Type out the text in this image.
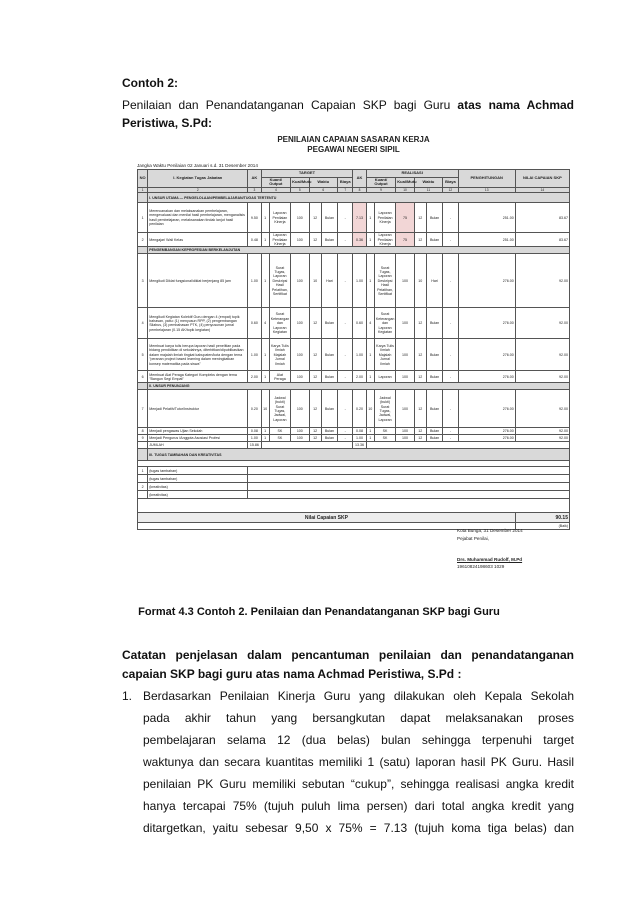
Contoh 2:
Penilaian dan Penandatanganan Capaian SKP bagi Guru atas nama Achmad Peristiwa, S.Pd:
PENILAIAN CAPAIAN SASARAN KERJA
PEGAWAI NEGERI SIPIL
Jangka Waktu Penilaian 02 Januari s.d. 31 Desember 2014
NO	I. Kegiatan Tugas Jabatan	AK	TARGET						AK	REALISASI						PENGHITUNGAN	NILAI CAPAIAN SKP
			Kuant/ Output		Kual/Mutu	Waktu		Biaya		Kuant/ Output		Kual/Mutu	Waktu		Biaya		
1	2	3	4		5	6		7	8	9		10	11		12	13	14
	I. UNSUR UTAMA — PENGELOLAAN/PEMBELAJARAN/TUGAS TERTENTU																
1	Merencanakan dan melaksanakan pembelajaran, mengevaluasi dan menilai hasil pembelajaran, menganalisis hasil pembelajaran, melaksanakan tindak lanjut hasil penilaian	9.50	1	Laporan Penilaian Kinerja	100	12	Bulan	-	7.13	1	Laporan Penilaian Kinerja	75	12	Bulan	-	251.00	83.67
2	Mengajar/ Wali Kelas	0.48	1	Laporan Penilaian Kinerja	100	12	Bulan	-	0.36	1	Laporan Penilaian Kinerja	75	12	Bulan	-	251.00	83.67
	PENGEMBANGAN KEPROFESIAN BERKELANJUTAN																
3	Mengikuti Diklat fungsional/diklat berjenjang 85 jam	1.00	1	Surat Tugas, Laporan Deskripsi Hasil Pelatihan, Sertifikat	100	10	Hari	-	1.00	1	Surat Tugas, Laporan Deskripsi Hasil Pelatihan, Sertifikat	100	10	Hari	-	276.00	92.00
4	Mengikuti Kegiatan Kolektif Guru dengan 4 (empat) topik bahasan, yaitu: (1) menyusun RPP, (2) pengembangan Silabus, (3) pembahasan PTK, (4) penyusunan jurnal pembelajaran (0.15 AK/topik kegiatan)	0.60	4	Surat Keterangan dan Laporan Kegiatan	100	12	Bulan	-	0.60	4	Surat Keterangan dan Laporan Kegiatan	100	12	Bulan	-	276.00	92.00
5	Membuat karya tulis berupa laporan hasil penelitian pada bidang pendidikan di sekolahnya, diterbitkan/dipublikasikan dalam majalah ilmiah tingkat kabupaten/kota dengan tema "peranan project based learning dalam meningkatkan konsep matematika pada siswa"	1.00	1	Karya Tulis Ilmiah Majalah Jurnal Ilmiah	100	12	Bulan	-	1.00	1	Karya Tulis Ilmiah Majalah Jurnal Ilmiah	100	12	Bulan	-	276.00	92.00
6	Membuat Alat Peraga Kategori Kompleks dengan tema "Bangun Segi Empat"	2.00	1	Alat Peraga	100	12	Bulan	-	2.00	1	Laporan	100	12	Bulan	-	276.00	92.00
	II. UNSUR PENUNJANG																
7	Menjadi Pelatih/Tutor/Instruktur	0.20	10	Jadwal (bukti) Surat Tugas, Jadwal, Laporan	100	12	Bulan	-	0.20	10	Jadwal (bukti) Surat Tugas, Jadwal, Laporan	100	12	Bulan	-	276.00	92.00
8	Menjadi pengawas Ujian Sekolah	0.08	1	SK	100	12	Bulan	-	0.08	1	SK	100	12	Bulan	-	276.00	92.00
9	Menjadi Pengurus /Anggota Asosiasi Profesi	1.00	1	SK	100	12	Bulan	-	1.00	1	SK	100	12	Bulan	-	276.00	92.00
	JUMLAH	15.86							13.36								
	III. TUGAS TAMBAHAN DAN KREATIVITAS																

1	(tugas tambahan)																
	(tugas tambahan)																
2	(kreativitas)																
	(kreativitas)																

Nilai Capaian SKP																	90.15
																	(Baik)
Kota Bunga, 31 Desember 2014
Pejabat Penilai,
Drs. Muhammad Rudolf, M.Pd
19610824198603 1029
Format 4.3 Contoh 2. Penilaian dan Penandatanganan SKP bagi Guru
Catatan penjelasan dalam pencantuman penilaian dan penandatanganan capaian SKP bagi guru atas nama Achmad Peristiwa, S.Pd :
1. Berdasarkan Penilaian Kinerja Guru yang dilakukan oleh Kepala Sekolah
pada akhir tahun yang bersangkutan dapat melaksanakan proses
pembelajaran selama 12 (dua belas) bulan sehingga terpenuhi target
waktunya dan secara kuantitas memiliki 1 (satu) laporan hasil PK Guru. Hasil
penilaian PK Guru memiliki sebutan “cukup”, sehingga realisasi angka kredit
hanya tercapai 75% (tujuh puluh lima persen) dari total angka kredit yang
ditargetkan, yaitu sebesar 9,50 x 75% = 7.13 (tujuh koma tiga belas) dan
